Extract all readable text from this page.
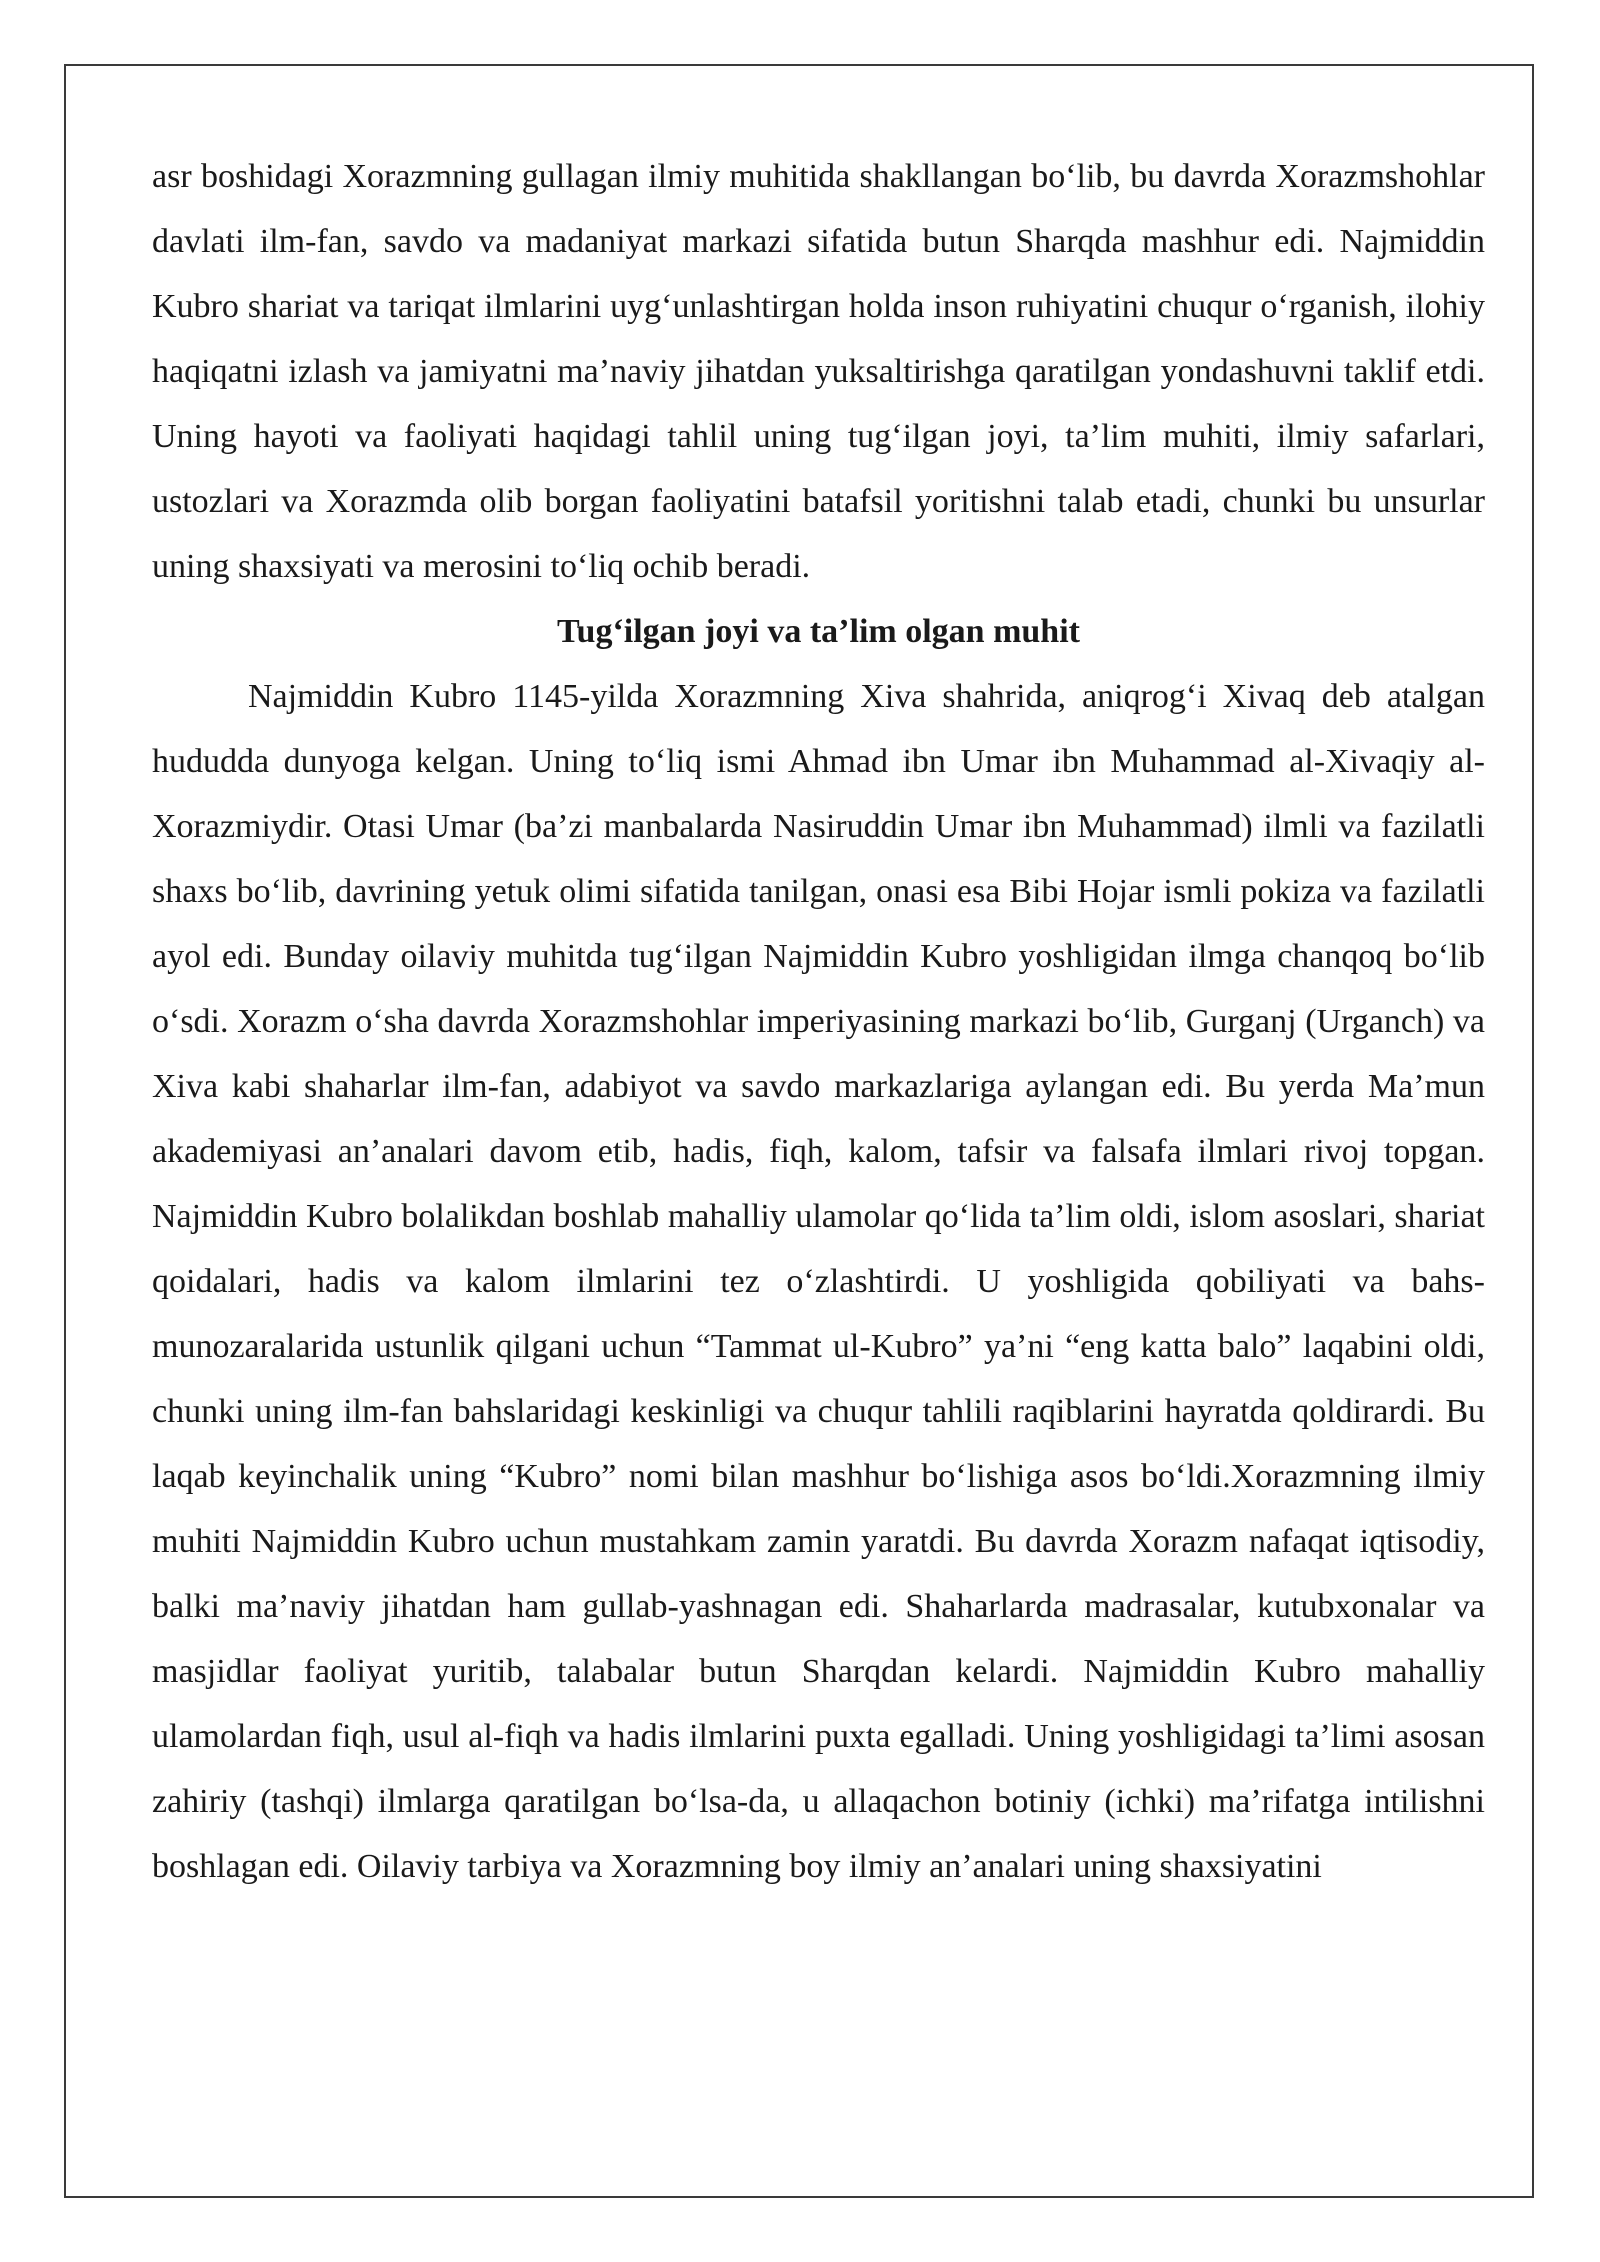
asr boshidagi Xorazmning gullagan ilmiy muhitida shakllangan bo‘lib, bu davrda Xorazmshohlar davlati ilm-fan, savdo va madaniyat markazi sifatida butun Sharqda mashhur edi. Najmiddin Kubro shariat va tariqat ilmlarini uyg‘unlashtirgan holda inson ruhiyatini chuqur o‘rganish, ilohiy haqiqatni izlash va jamiyatni ma’naviy jihatdan yuksaltirishga qaratilgan yondashuvni taklif etdi. Uning hayoti va faoliyati haqidagi tahlil uning tug‘ilgan joyi, ta’lim muhiti, ilmiy safarlari, ustozlari va Xorazmda olib borgan faoliyatini batafsil yoritishni talab etadi, chunki bu unsurlar uning shaxsiyati va merosini to‘liq ochib beradi.

Tug‘ilgan joyi va ta’lim olgan muhit

Najmiddin Kubro 1145-yilda Xorazmning Xiva shahrida, aniqrog‘i Xivaq deb atalgan hududda dunyoga kelgan. Uning to‘liq ismi Ahmad ibn Umar ibn Muhammad al-Xivaqiy al-Xorazmiydir. Otasi Umar (ba’zi manbalarda Nasiruddin Umar ibn Muhammad) ilmli va fazilatli shaxs bo‘lib, davrining yetuk olimi sifatida tanilgan, onasi esa Bibi Hojar ismli pokiza va fazilatli ayol edi. Bunday oilaviy muhitda tug‘ilgan Najmiddin Kubro yoshligidan ilmga chanqoq bo‘lib o‘sdi. Xorazm o‘sha davrda Xorazmshohlar imperiyasining markazi bo‘lib, Gurganj (Urganch) va Xiva kabi shaharlar ilm-fan, adabiyot va savdo markazlariga aylangan edi. Bu yerda Ma’mun akademiyasi an’analari davom etib, hadis, fiqh, kalom, tafsir va falsafa ilmlari rivoj topgan. Najmiddin Kubro bolalikdan boshlab mahalliy ulamolar qo‘lida ta’lim oldi, islom asoslari, shariat qoidalari, hadis va kalom ilmlarini tez o‘zlashtirdi. U yoshligida qobiliyati va bahs-munozaralarida ustunlik qilgani uchun “Tammat ul-Kubro” ya’ni “eng katta balo” laqabini oldi, chunki uning ilm-fan bahslaridagi keskinligi va chuqur tahlili raqiblarini hayratda qoldirardi. Bu laqab keyinchalik uning “Kubro” nomi bilan mashhur bo‘lishiga asos bo‘ldi.Xorazmning ilmiy muhiti Najmiddin Kubro uchun mustahkam zamin yaratdi. Bu davrda Xorazm nafaqat iqtisodiy, balki ma’naviy jihatdan ham gullab-yashnagan edi. Shaharlarda madrasalar, kutubxonalar va masjidlar faoliyat yuritib, talabalar butun Sharqdan kelardi. Najmiddin Kubro mahalliy ulamolardan fiqh, usul al-fiqh va hadis ilmlarini puxta egalladi. Uning yoshligidagi ta’limi asosan zahiriy (tashqi) ilmlarga qaratilgan bo‘lsa-da, u allaqachon botiniy (ichki) ma’rifatga intilishni boshlagan edi. Oilaviy tarbiya va Xorazmning boy ilmiy an’analari uning shaxsiyatini
